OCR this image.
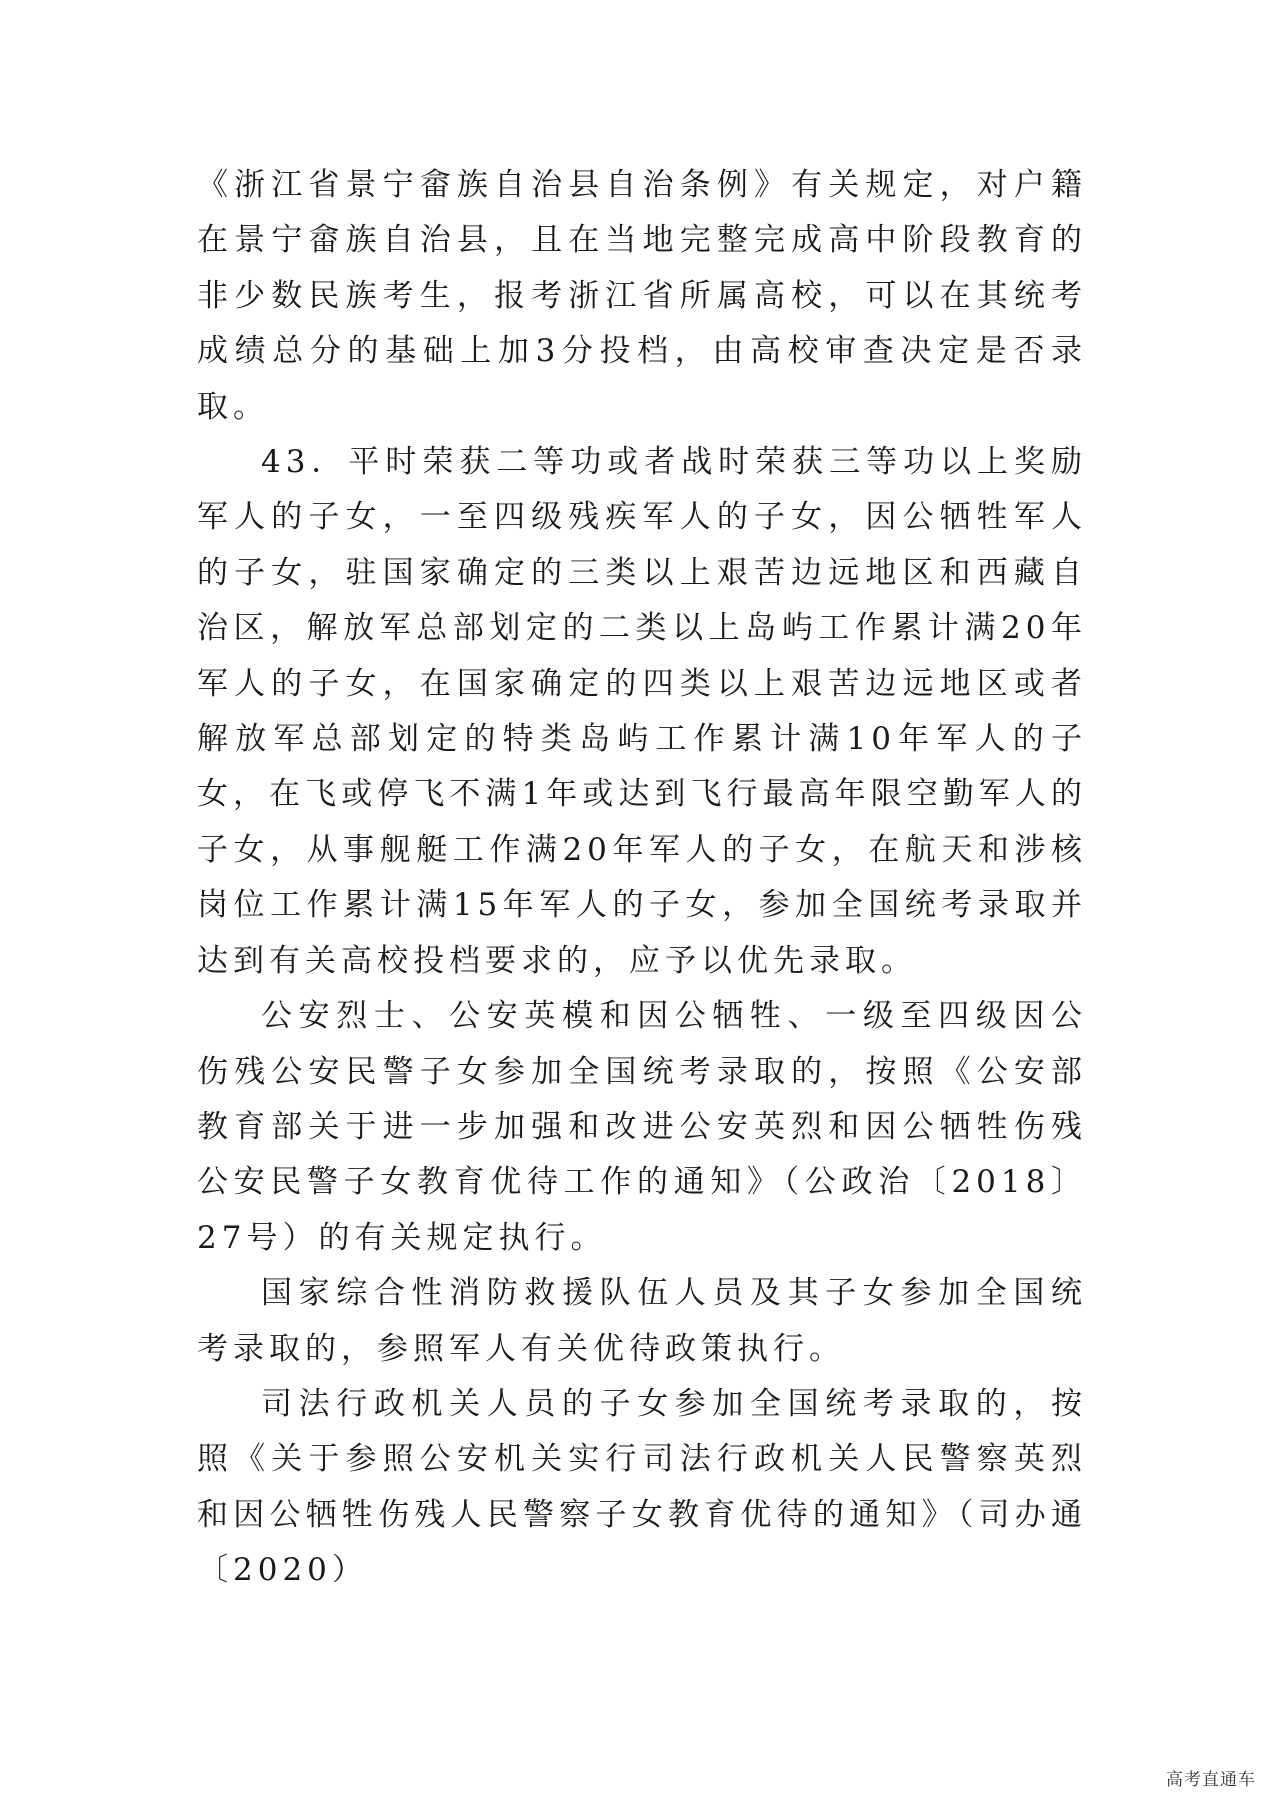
《浙江省景宁畲族自治县自治条例》有关规定，对户籍在景宁畲族自治县，且在当地完整完成高中阶段教育的非少数民族考生，报考浙江省所属高校，可以在其统考成绩总分的基础上加3分投档，由高校审查决定是否录取。

43．平时荣获二等功或者战时荣获三等功以上奖励军人的子女，一至四级残疾军人的子女，因公牺牲军人的子女，驻国家确定的三类以上艰苦边远地区和西藏自治区，解放军总部划定的二类以上岛屿工作累计满20年军人的子女，在国家确定的四类以上艰苦边远地区或者解放军总部划定的特类岛屿工作累计满10年军人的子女，在飞或停飞不满1年或达到飞行最高年限空勤军人的子女，从事舰艇工作满20年军人的子女，在航天和涉核岗位工作累计满15年军人的子女，参加全国统考录取并达到有关高校投档要求的，应予以优先录取。

公安烈士、公安英模和因公牺牲、一级至四级因公伤残公安民警子女参加全国统考录取的，按照《公安部 教育部关于进一步加强和改进公安英烈和因公牺牲伤残公安民警子女教育优待工作的通知》（公政治〔2018〕27号）的有关规定执行。

国家综合性消防救援队伍人员及其子女参加全国统考录取的，参照军人有关优待政策执行。

司法行政机关人员的子女参加全国统考录取的，按照《关于参照公安机关实行司法行政机关人民警察英烈和因公牺牲伤残人民警察子女教育优待的通知》（司办通〔2020）

高考直通车
